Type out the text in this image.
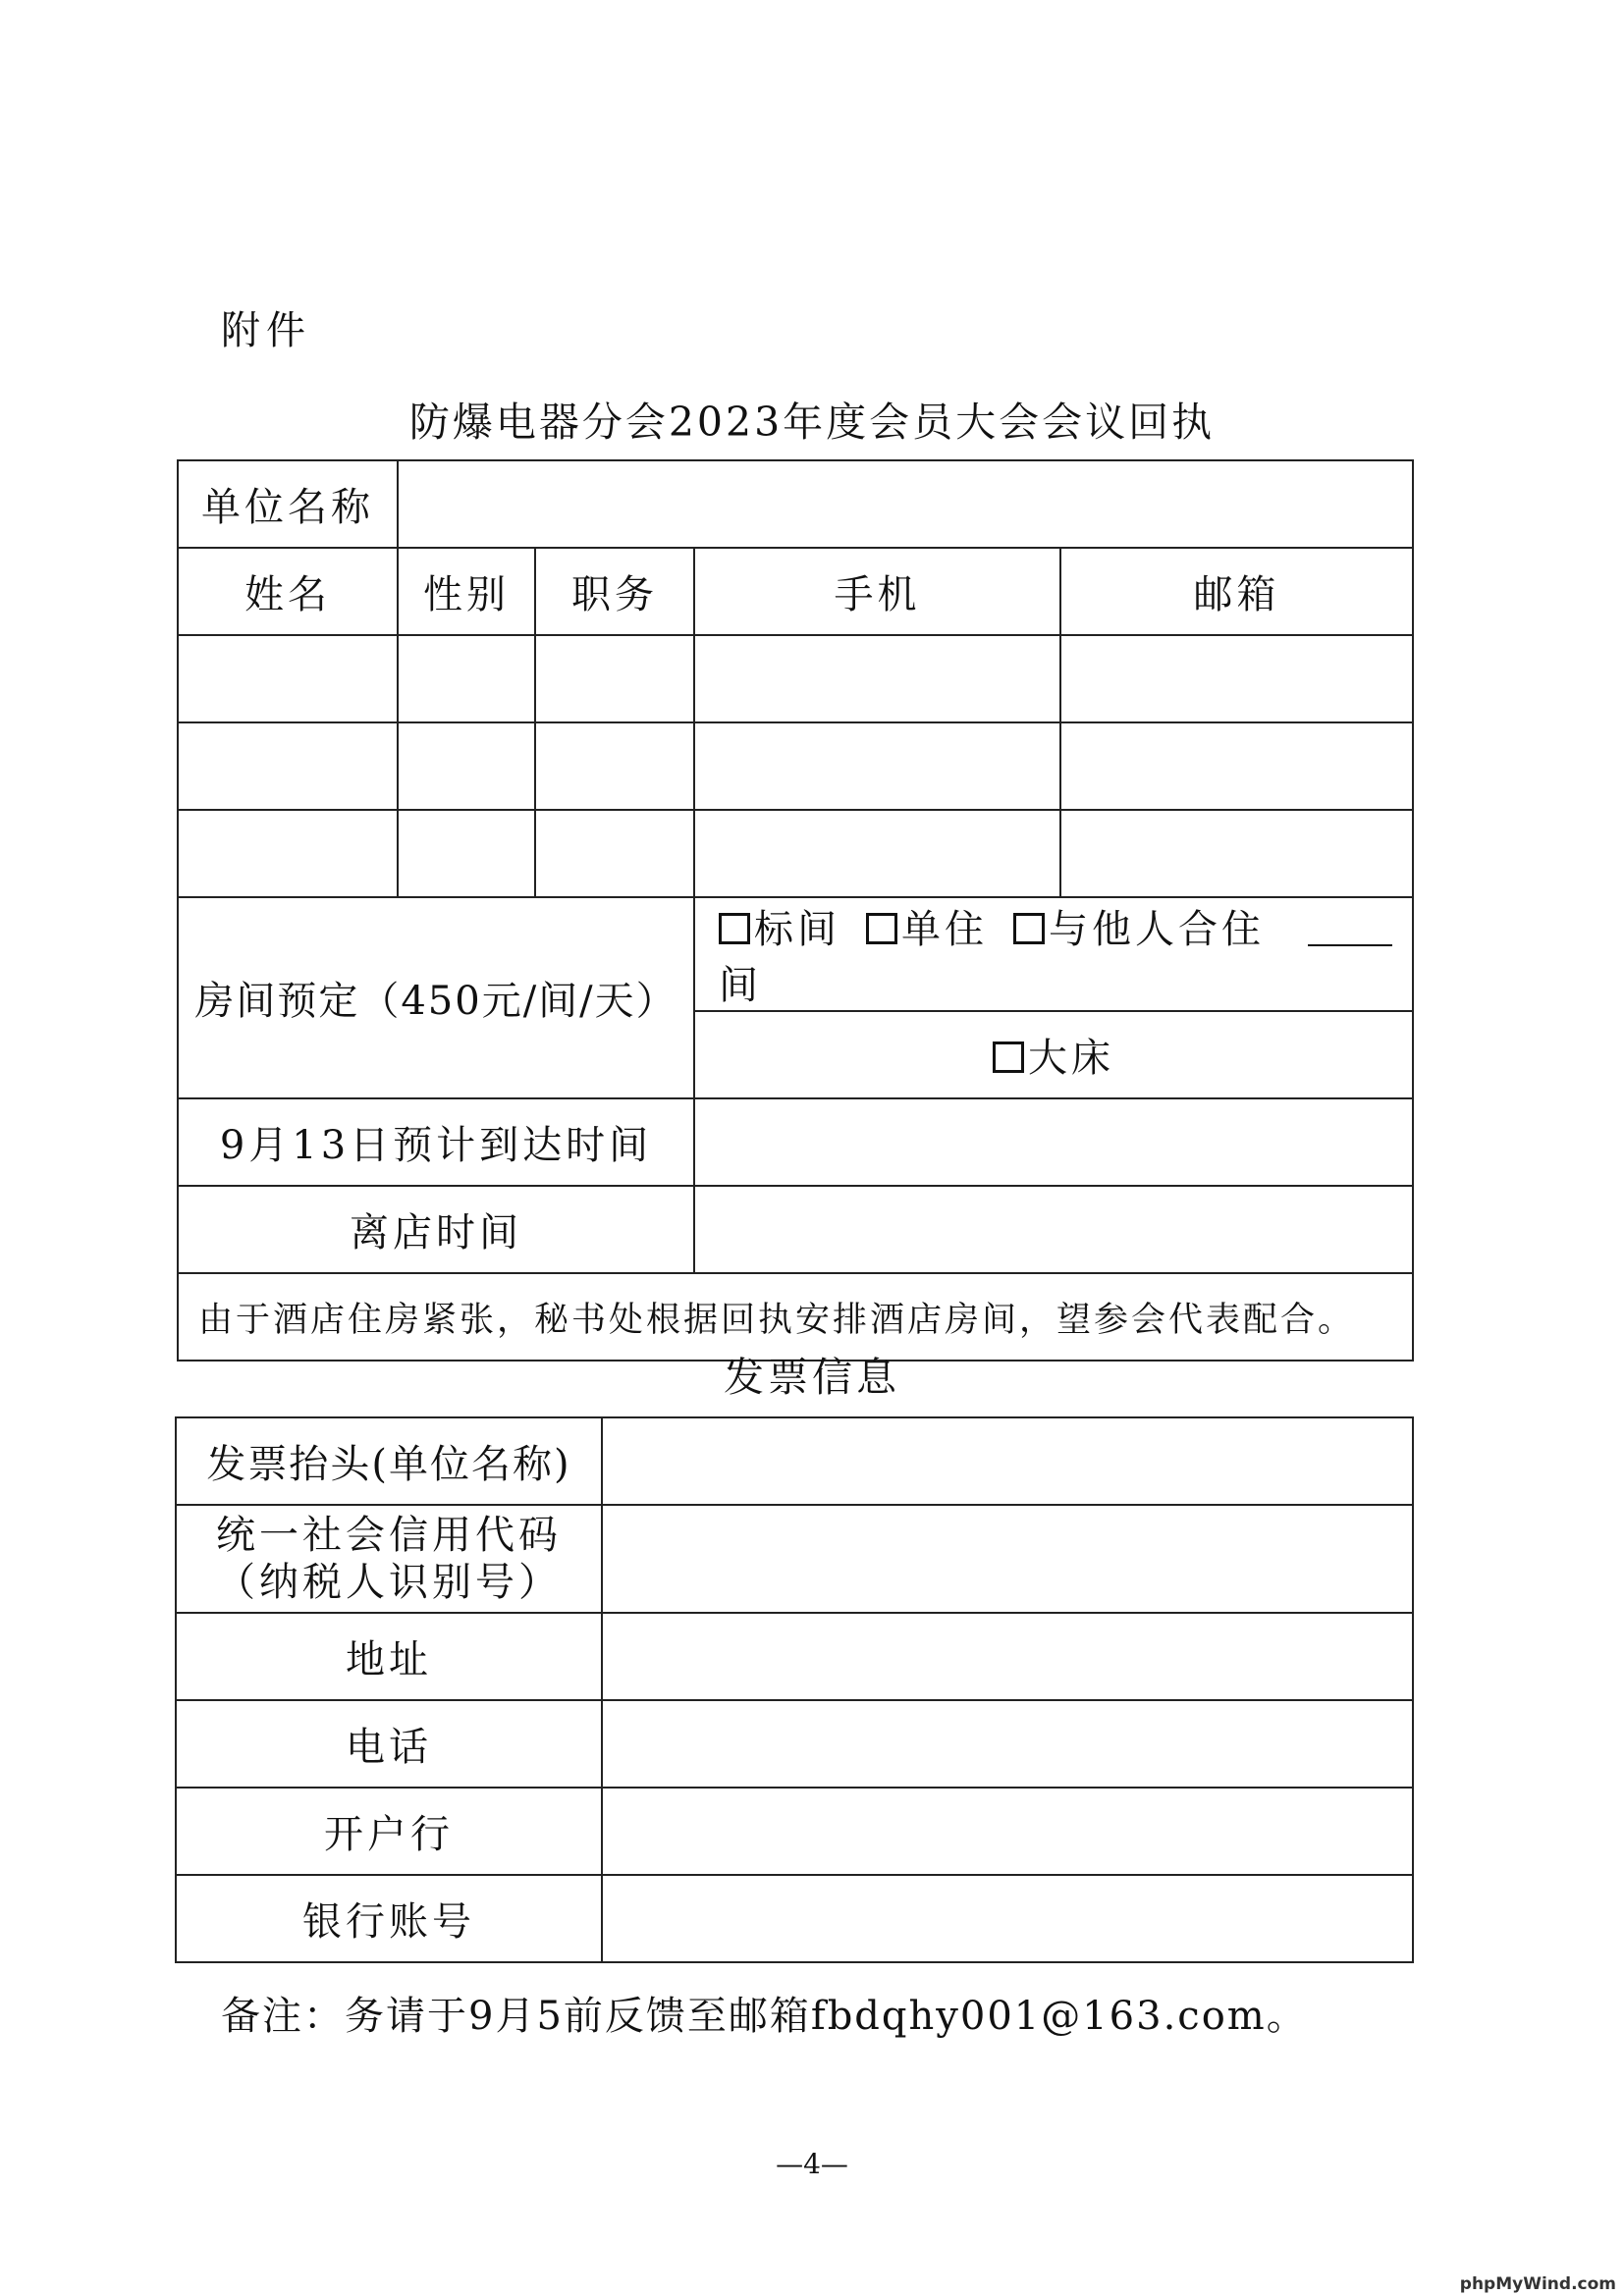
附件
防爆电器分会2023年度会员大会会议回执
单位名称				
姓名	性别	职务	手机	邮箱

房间预定（450元/间/天）			标间 单住 与他人合住间	
			大床	
9月13日预计到达时间				
离店时间				
由于酒店住房紧张，秘书处根据回执安排酒店房间，望参会代表配合。				
发票信息
发票抬头(单位名称)	

统一社会信用代码
（纳税人识别号）	

地址	
电话	
开户行	
银行账号	
备注：务请于9月5前反馈至邮箱fbdqhy001@163.com。
—4—
phpMyWind.com
